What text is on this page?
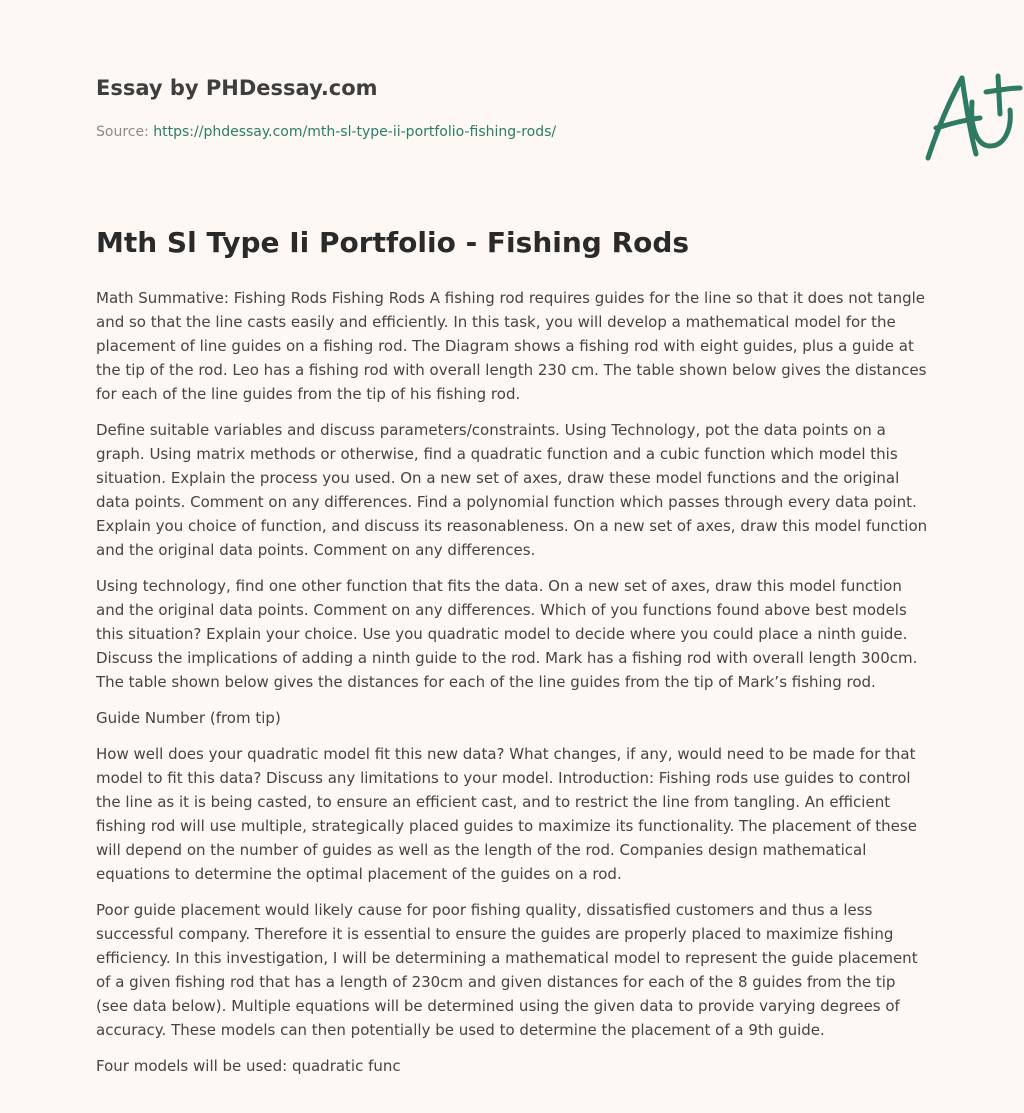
Essay by PHDessay.com
Source: https://phdessay.com/mth-sl-type-ii-portfolio-fishing-rods/
Mth Sl Type Ii Portfolio - Fishing Rods

Math Summative: Fishing Rods Fishing Rods A fishing rod requires guides for the line so that it does not tangle and so that the line casts easily and efficiently. In this task, you will develop a mathematical model for the placement of line guides on a fishing rod. The Diagram shows a fishing rod with eight guides, plus a guide at the tip of the rod. Leo has a fishing rod with overall length 230 cm. The table shown below gives the distances for each of the line guides from the tip of his fishing rod.

Define suitable variables and discuss parameters/constraints. Using Technology, pot the data points on a graph. Using matrix methods or otherwise, find a quadratic function and a cubic function which model this situation. Explain the process you used. On a new set of axes, draw these model functions and the original data points. Comment on any differences. Find a polynomial function which passes through every data point. Explain you choice of function, and discuss its reasonableness. On a new set of axes, draw this model function and the original data points. Comment on any differences.

Using technology, find one other function that fits the data. On a new set of axes, draw this model function and the original data points. Comment on any differences. Which of you functions found above best models this situation? Explain your choice. Use you quadratic model to decide where you could place a ninth guide. Discuss the implications of adding a ninth guide to the rod. Mark has a fishing rod with overall length 300cm. The table shown below gives the distances for each of the line guides from the tip of Mark’s fishing rod.

Guide Number (from tip)

How well does your quadratic model fit this new data? What changes, if any, would need to be made for that model to fit this data? Discuss any limitations to your model. Introduction: Fishing rods use guides to control the line as it is being casted, to ensure an efficient cast, and to restrict the line from tangling. An efficient fishing rod will use multiple, strategically placed guides to maximize its functionality. The placement of these will depend on the number of guides as well as the length of the rod. Companies design mathematical equations to determine the optimal placement of the guides on a rod.

Poor guide placement would likely cause for poor fishing quality, dissatisfied customers and thus a less successful company. Therefore it is essential to ensure the guides are properly placed to maximize fishing efficiency. In this investigation, I will be determining a mathematical model to represent the guide placement of a given fishing rod that has a length of 230cm and given distances for each of the 8 guides from the tip (see data below). Multiple equations will be determined using the given data to provide varying degrees of accuracy. These models can then potentially be used to determine the placement of a 9th guide.

Four models will be used: quadratic func
